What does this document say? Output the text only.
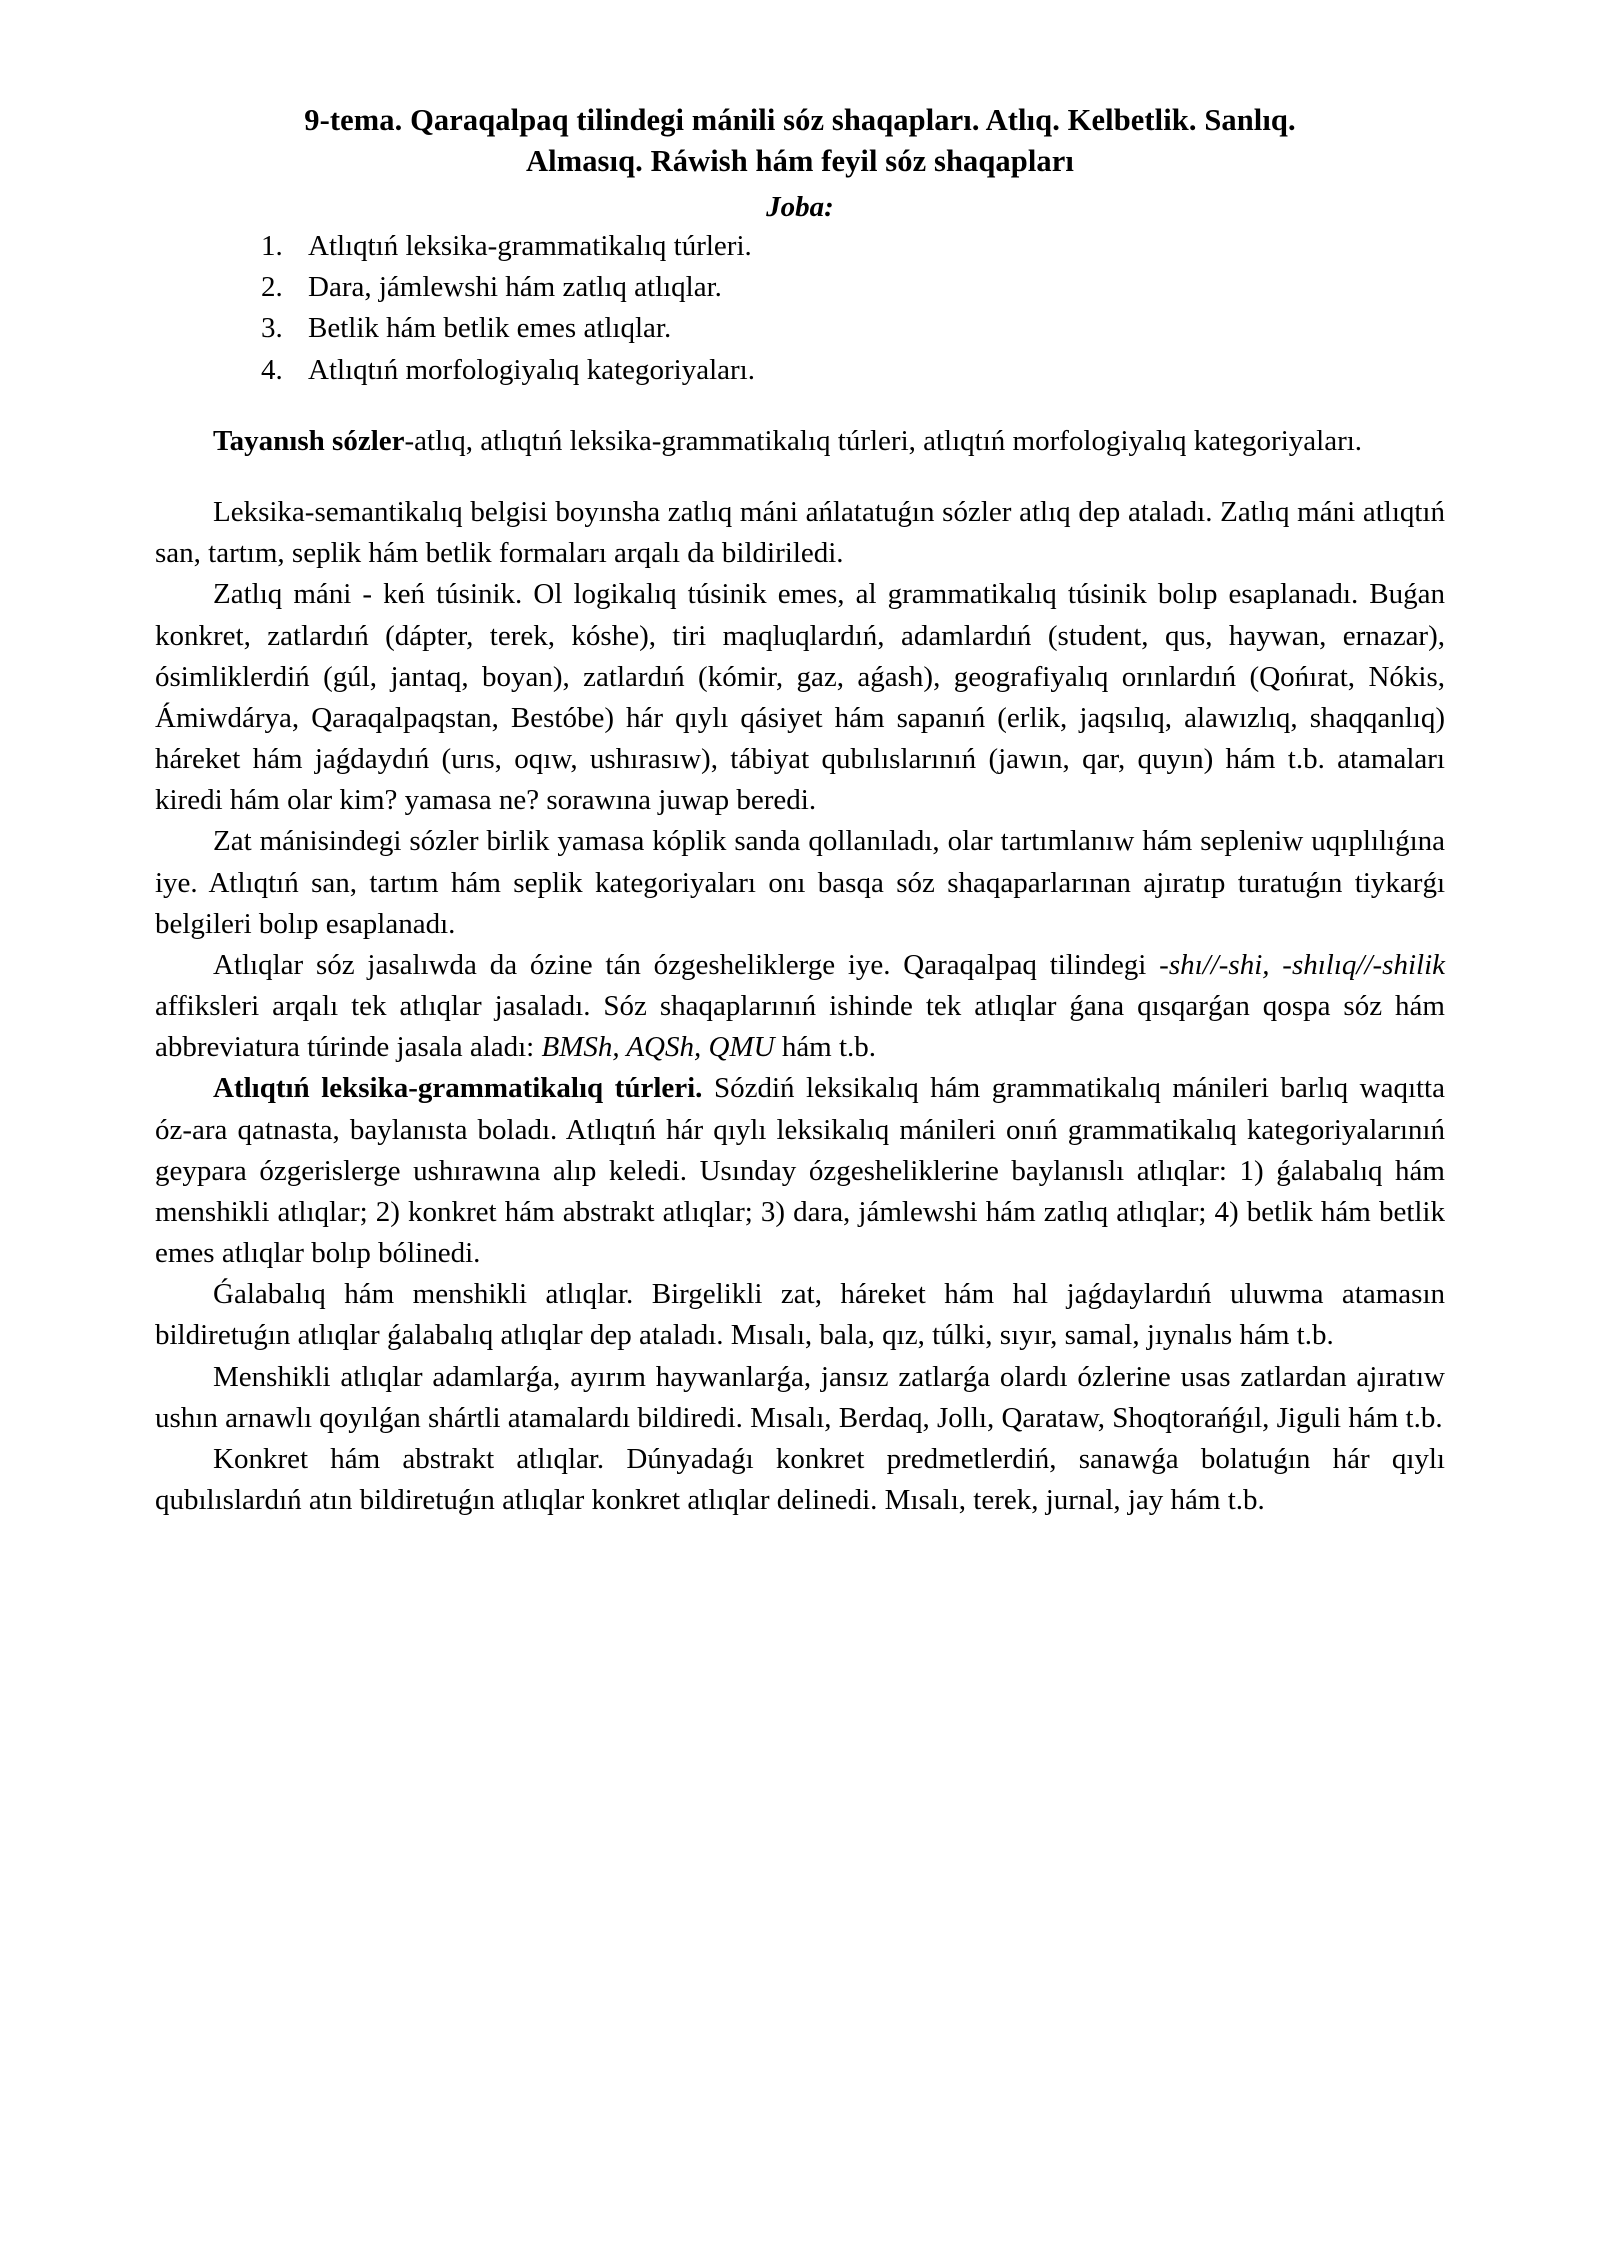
9-tema. Qaraqalpaq tilindegi mánili sóz shaqapları. Atlıq. Kelbetlik. Sanlıq.
Almasıq. Ráwish hám feyil sóz shaqapları
Joba:
1. Atlıqtıń leksika-grammatikalıq túrleri.
2. Dara, jámlewshi hám zatlıq atlıqlar.
3. Betlik hám betlik emes atlıqlar.
4. Atlıqtıń morfologiyalıq kategoriyaları.

Tayanısh sózler-atlıq, atlıqtıń leksika-grammatikalıq túrleri, atlıqtıń morfologiyalıq kategoriyaları.

Leksika-semantikalıq belgisi boyınsha zatlıq máni ańlatatuǵın sózler atlıq dep ataladı. Zatlıq máni atlıqtıń san, tartım, seplik hám betlik formaları arqalı da bildiriledi.

Zatlıq máni - keń túsinik. Ol logikalıq túsinik emes, al grammatikalıq túsinik bolıp esaplanadı. Buǵan konkret, zatlardıń (dápter, terek, kóshe), tiri maqluqlardıń, adamlardıń (student, qus, haywan, ernazar), ósimliklerdiń (gúl, jantaq, boyan), zatlardıń (kómir, gaz, aǵash), geografiyalıq orınlardıń (Qońırat, Nókis, Ámiwdárya, Qaraqalpaqstan, Bestóbe) hár qıylı qásiyet hám sapanıń (erlik, jaqsılıq, alawızlıq, shaqqanlıq) háreket hám jaǵdaydıń (urıs, oqıw, ushırasıw), tábiyat qubılıslarınıń (jawın, qar, quyın) hám t.b. atamaları kiredi hám olar kim? yamasa ne? sorawına juwap beredi.

Zat mánisindegi sózler birlik yamasa kóplik sanda qollanıladı, olar tartımlanıw hám sepleniw uqıplılıǵına iye. Atlıqtıń san, tartım hám seplik kategoriyaları onı basqa sóz shaqaparlarınan ajıratıp turatuǵın tiykarǵı belgileri bolıp esaplanadı.

Atlıqlar sóz jasalıwda da ózine tán ózgesheliklerge iye. Qaraqalpaq tilindegi -shı//-shi, -shılıq//-shilik affiksleri arqalı tek atlıqlar jasaladı. Sóz shaqaplarınıń ishinde tek atlıqlar ǵana qısqarǵan qospa sóz hám abbreviatura túrinde jasala aladı: BMSh, AQSh, QMU hám t.b.

Atlıqtıń leksika-grammatikalıq túrleri. Sózdiń leksikalıq hám grammatikalıq mánileri barlıq waqıtta óz-ara qatnasta, baylanısta boladı. Atlıqtıń hár qıylı leksikalıq mánileri onıń grammatikalıq kategoriyalarınıń geypara ózgerislerge ushırawına alıp keledi. Usınday ózgesheliklerine baylanıslı atlıqlar: 1) ǵalabalıq hám menshikli atlıqlar; 2) konkret hám abstrakt atlıqlar; 3) dara, jámlewshi hám zatlıq atlıqlar; 4) betlik hám betlik emes atlıqlar bolıp bólinedi.

Ǵalabalıq hám menshikli atlıqlar. Birgelikli zat, háreket hám hal jaǵdaylardıń uluwma atamasın bildiretuǵın atlıqlar ǵalabalıq atlıqlar dep ataladı. Mısalı, bala, qız, túlki, sıyır, samal, jıynalıs hám t.b.

Menshikli atlıqlar adamlarǵa, ayırım haywanlarǵa, jansız zatlarǵa olardı ózlerine usas zatlardan ajıratıw ushın arnawlı qoyılǵan shártli atamalardı bildiredi. Mısalı, Berdaq, Jollı, Qarataw, Shoqtorańǵıl, Jiguli hám t.b.

Konkret hám abstrakt atlıqlar. Dúnyadaǵı konkret predmetlerdiń, sanawǵa bolatuǵın hár qıylı qubılıslardıń atın bildiretuǵın atlıqlar konkret atlıqlar delinedi. Mısalı, terek, jurnal, jay hám t.b.
